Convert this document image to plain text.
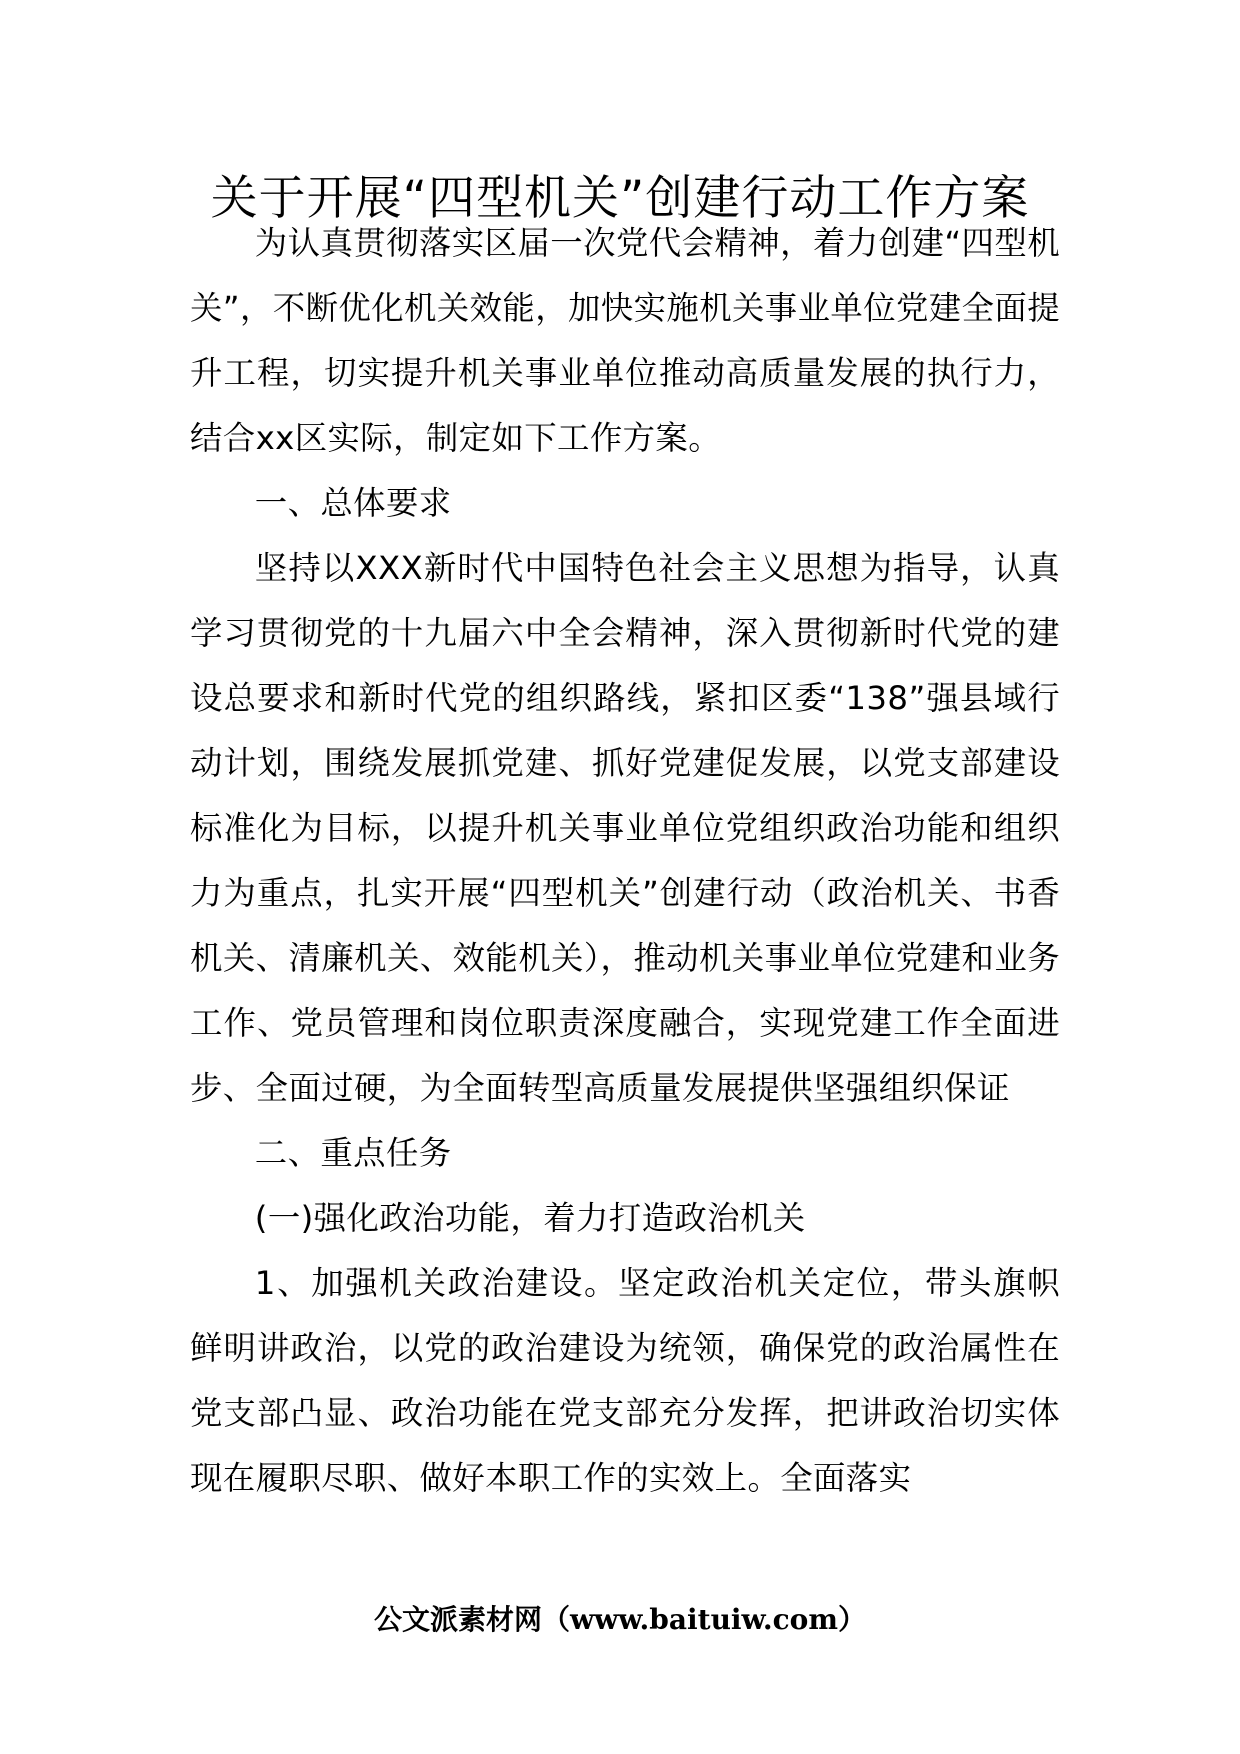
关于开展“四型机关”创建行动工作方案

为认真贯彻落实区届一次党代会精神，着力创建“四型机关”，不断优化机关效能，加快实施机关事业单位党建全面提升工程，切实提升机关事业单位推动高质量发展的执行力，结合xx区实际，制定如下工作方案。

一、总体要求

坚持以XXX新时代中国特色社会主义思想为指导，认真学习贯彻党的十九届六中全会精神，深入贯彻新时代党的建设总要求和新时代党的组织路线，紧扣区委“138”强县域行动计划，围绕发展抓党建、抓好党建促发展，以党支部建设标准化为目标，以提升机关事业单位党组织政治功能和组织力为重点，扎实开展“四型机关”创建行动（政治机关、书香机关、清廉机关、效能机关），推动机关事业单位党建和业务工作、党员管理和岗位职责深度融合，实现党建工作全面进步、全面过硬，为全面转型高质量发展提供坚强组织保证

二、重点任务

(一)强化政治功能，着力打造政治机关

1、加强机关政治建设。坚定政治机关定位，带头旗帜鲜明讲政治，以党的政治建设为统领，确保党的政治属性在党支部凸显、政治功能在党支部充分发挥，把讲政治切实体现在履职尽职、做好本职工作的实效上。全面落实

公文派素材网（www.baituiw.com）
